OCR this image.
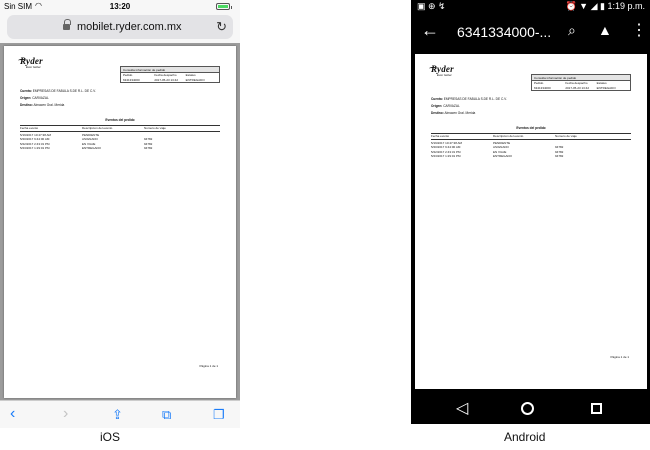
Sin SIM ◠	13:20
mobilet.ryder.com.mx	↻
Ryder
Ever better.
Consulta información de pedido
Pedido	Fecha despacho	Estatus
6341334000	2017-05-23 13:42	ENTREGADO
Cuenta: EMPRESAS DE FABULA S.DE R.L. DE C.V.
Origen: CARVAZAL
Destino: Almacen Gral. Merida
Eventos del pedido
Fecha evento	Descripcion del evento	Numero de viaje
5/19/2017 10:47:38 AM	PENDIENTE
5/20/2017 9:44:00 AM	ASIGNADO	94782
5/22/2017 2:43:31 PM	EN VIAJE	94782
5/23/2017 1:29:01 PM	ENTREGADO	94782
Página 1 de 1
‹	›	⇪	⧉	❐
iOS
▣ ⊕ ↯	⏰ ▼ ◢ ▮ 1:19 p.m.
← 6341334000-... ⌕ ▲ ⋮
Ryder
Ever better.
Consulta información de pedido
Pedido	Fecha despacho	Estatus
6341334000	2017-05-23 13:42	ENTREGADO
Cuenta: EMPRESAS DE FABULA S.DE R.L. DE C.V.
Origen: CARVAZAL
Destino: Almacen Gral. Merida
Eventos del pedido
Fecha evento	Descripcion del evento	Numero de viaje
5/19/2017 10:47:38 AM	PENDIENTE
5/20/2017 9:44:00 AM	ASIGNADO	94782
5/22/2017 2:43:31 PM	EN VIAJE	94782
5/23/2017 1:29:01 PM	ENTREGADO	94782
Página 1 de 1
◁
Android
